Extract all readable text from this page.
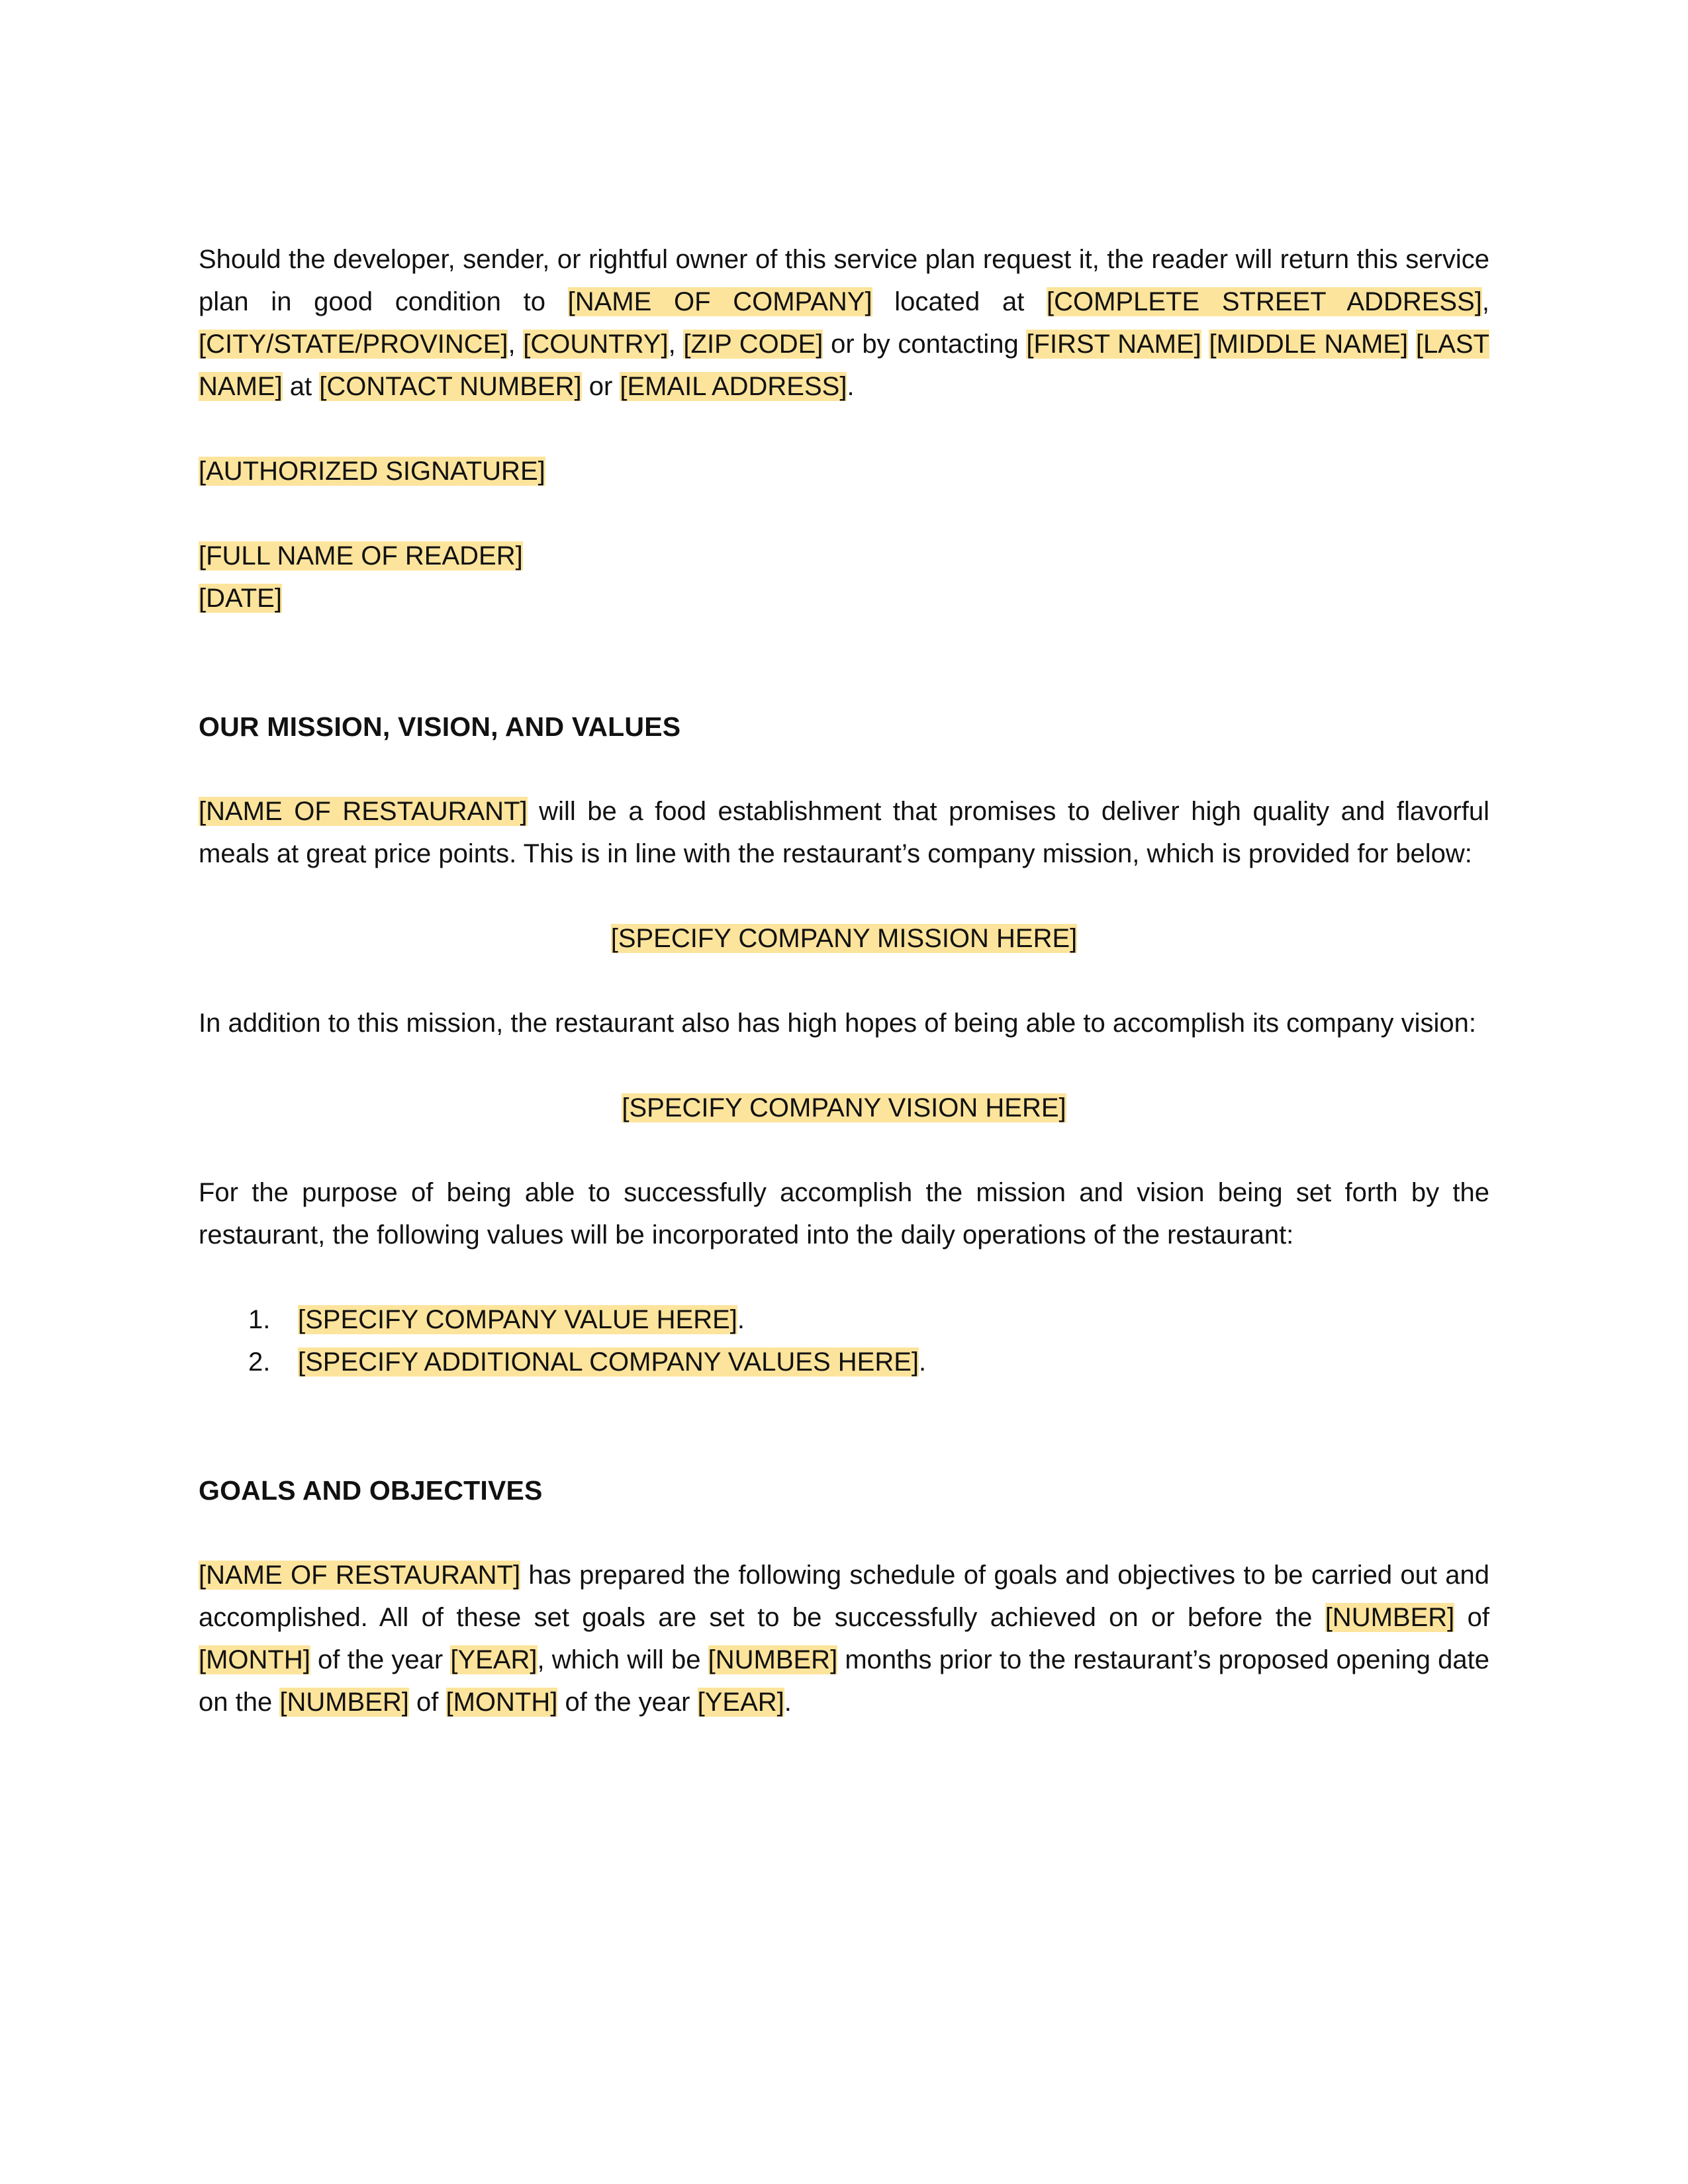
Should the developer, sender, or rightful owner of this service plan request it, the reader will return this service plan in good condition to [NAME OF COMPANY] located at [COMPLETE STREET ADDRESS], [CITY/STATE/PROVINCE], [COUNTRY], [ZIP CODE] or by contacting [FIRST NAME] [MIDDLE NAME] [LAST NAME] at [CONTACT NUMBER] or [EMAIL ADDRESS].

[AUTHORIZED SIGNATURE]

[FULL NAME OF READER]

[DATE]

OUR MISSION, VISION, AND VALUES

[NAME OF RESTAURANT] will be a food establishment that promises to deliver high quality and flavorful meals at great price points. This is in line with the restaurant’s company mission, which is provided for below:

[SPECIFY COMPANY MISSION HERE]

In addition to this mission, the restaurant also has high hopes of being able to accomplish its company vision:

[SPECIFY COMPANY VISION HERE]

For the purpose of being able to successfully accomplish the mission and vision being set forth by the restaurant, the following values will be incorporated into the daily operations of the restaurant:

1. [SPECIFY COMPANY VALUE HERE].
2. [SPECIFY ADDITIONAL COMPANY VALUES HERE].
GOALS AND OBJECTIVES

[NAME OF RESTAURANT] has prepared the following schedule of goals and objectives to be carried out and accomplished. All of these set goals are set to be successfully achieved on or before the [NUMBER] of [MONTH] of the year [YEAR], which will be [NUMBER] months prior to the restaurant’s proposed opening date on the [NUMBER] of [MONTH] of the year [YEAR].
